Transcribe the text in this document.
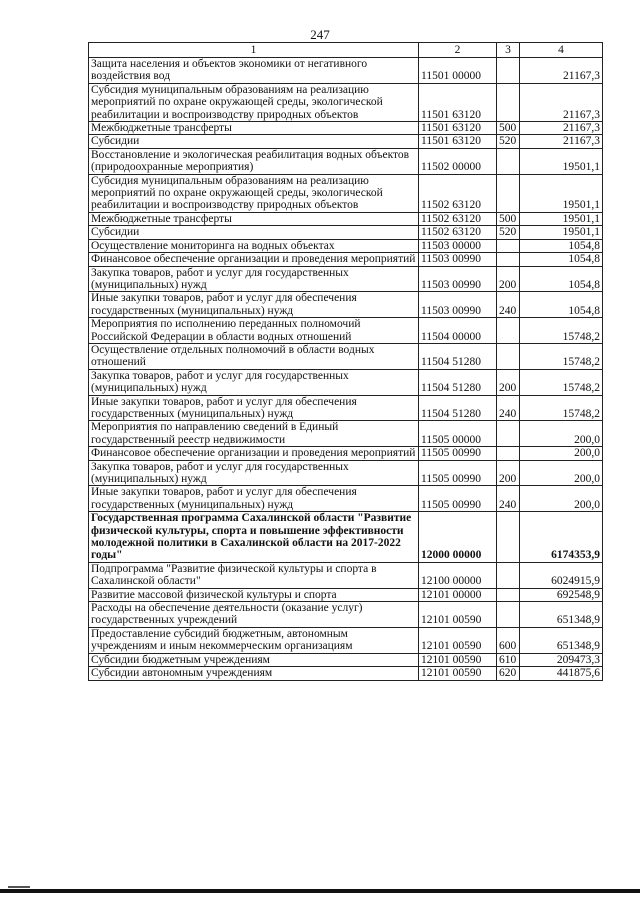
247
1	2	3	4
Защита населения и объектов экономики от негативного воздействия вод	11501 00000		21167,3
Субсидия муниципальным образованиям на реализацию мероприятий по охране окружающей среды, экологической реабилитации и воспроизводству природных объектов	11501 63120		21167,3
Межбюджетные трансферты	11501 63120	500	21167,3
Субсидии	11501 63120	520	21167,3
Восстановление и экологическая реабилитация водных объектов (природоохранные мероприятия)	11502 00000		19501,1
Субсидия муниципальным образованиям на реализацию мероприятий по охране окружающей среды, экологической реабилитации и воспроизводству природных объектов	11502 63120		19501,1
Межбюджетные трансферты	11502 63120	500	19501,1
Субсидии	11502 63120	520	19501,1
Осуществление мониторинга на водных объектах	11503 00000		1054,8
Финансовое обеспечение организации и проведения мероприятий	11503 00990		1054,8
Закупка товаров, работ и услуг для государственных (муниципальных) нужд	11503 00990	200	1054,8
Иные закупки товаров, работ и услуг для обеспечения государственных (муниципальных) нужд	11503 00990	240	1054,8
Мероприятия по исполнению переданных полномочий Российской Федерации в области водных отношений	11504 00000		15748,2
Осуществление отдельных полномочий в области водных отношений	11504 51280		15748,2
Закупка товаров, работ и услуг для государственных (муниципальных) нужд	11504 51280	200	15748,2
Иные закупки товаров, работ и услуг для обеспечения государственных (муниципальных) нужд	11504 51280	240	15748,2
Мероприятия по направлению сведений в Единый государственный реестр недвижимости	11505 00000		200,0
Финансовое обеспечение организации и проведения мероприятий	11505 00990		200,0
Закупка товаров, работ и услуг для государственных (муниципальных) нужд	11505 00990	200	200,0
Иные закупки товаров, работ и услуг для обеспечения государственных (муниципальных) нужд	11505 00990	240	200,0
Государственная программа Сахалинской области "Развитие физической культуры, спорта и повышение эффективности молодежной политики в Сахалинской области на 2017-2022 годы"	12000 00000		6174353,9
Подпрограмма "Развитие физической культуры и спорта в Сахалинской области"	12100 00000		6024915,9
Развитие массовой физической культуры и спорта	12101 00000		692548,9
Расходы на обеспечение деятельности (оказание услуг) государственных учреждений	12101 00590		651348,9
Предоставление субсидий бюджетным, автономным учреждениям и иным некоммерческим организациям	12101 00590	600	651348,9
Субсидии бюджетным учреждениям	12101 00590	610	209473,3
Субсидии автономным учреждениям	12101 00590	620	441875,6
